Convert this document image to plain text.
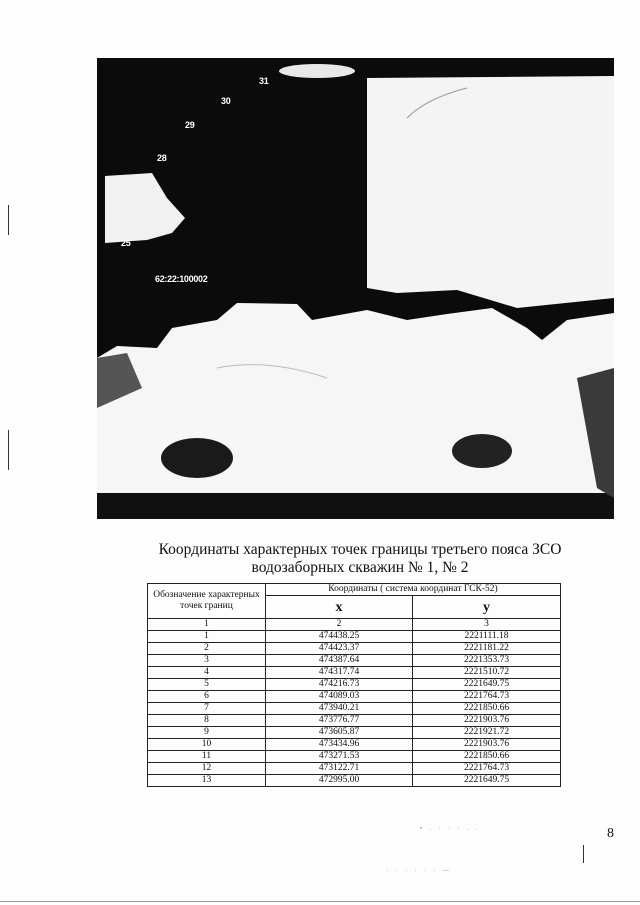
31
30
29
28
25
62:22:100002
Координаты характерных точек границы третьего пояса ЗСО
водозаборных скважин № 1, № 2
Обозначение характерных точек границ	Координаты ( система координат ГСК-52)	
	x	y
1	2	3
1	474438.25	2221111.18
2	474423.37	2221181.22
3	474387.64	2221353.73
4	474317.74	2221510.72
5	474216.73	2221649.75
6	474089.03	2221764.73
7	473940.21	2221850.66
8	473776.77	2221903.76
9	473605.87	2221921.72
10	473434.96	2221903.76
11	473271.53	2221850.66
12	473122.71	2221764.73
13	472995.00	2221649.75
8
• . · · · . .
· · · · · · —
